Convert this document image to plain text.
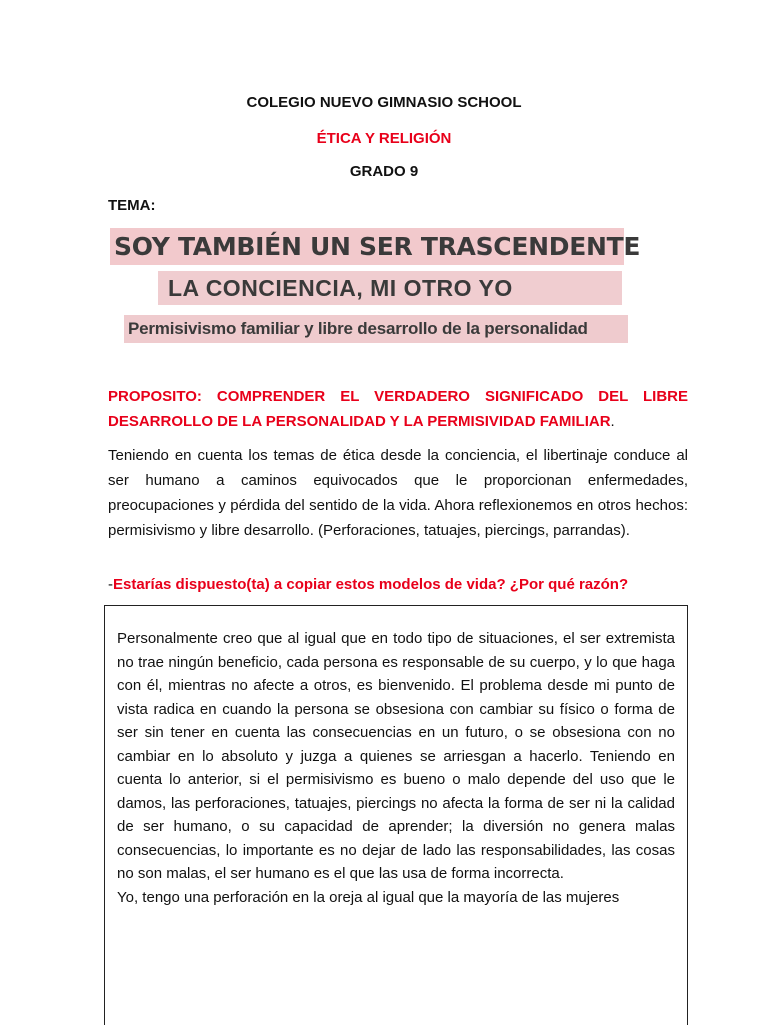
COLEGIO NUEVO GIMNASIO SCHOOL
ÉTICA Y RELIGIÓN
GRADO 9
TEMA:
SOY TAMBIÉN UN SER TRASCENDENTE
LA CONCIENCIA, MI OTRO YO
Permisivismo familiar y libre desarrollo de la personalidad
PROPOSITO: COMPRENDER EL VERDADERO SIGNIFICADO DEL LIBRE DESARROLLO DE LA PERSONALIDAD Y LA PERMISIVIDAD FAMILIAR.
Teniendo en cuenta los temas de ética desde la conciencia, el libertinaje conduce al ser humano a caminos equivocados que le proporcionan enfermedades, preocupaciones y pérdida del sentido de la vida. Ahora reflexionemos en otros hechos: permisivismo y libre desarrollo. (Perforaciones, tatuajes, piercings, parrandas).
-Estarías dispuesto(ta) a copiar estos modelos de vida? ¿Por qué razón?

Personalmente creo que al igual que en todo tipo de situaciones, el ser extremista no trae ningún beneficio, cada persona es responsable de su cuerpo, y lo que haga con él, mientras no afecte a otros, es bienvenido. El problema desde mi punto de vista radica en cuando la persona se obsesiona con cambiar su físico o forma de ser sin tener en cuenta las consecuencias en un futuro, o se obsesiona con no cambiar en lo absoluto y juzga a quienes se arriesgan a hacerlo. Teniendo en cuenta lo anterior, si el permisivismo es bueno o malo depende del uso que le damos, las perforaciones, tatuajes, piercings no afecta la forma de ser ni la calidad de ser humano, o su capacidad de aprender; la diversión no genera malas consecuencias, lo importante es no dejar de lado las responsabilidades, las cosas no son malas, el ser humano es el que las usa de forma incorrecta.

Yo, tengo una perforación en la oreja al igual que la mayoría de las mujeres
